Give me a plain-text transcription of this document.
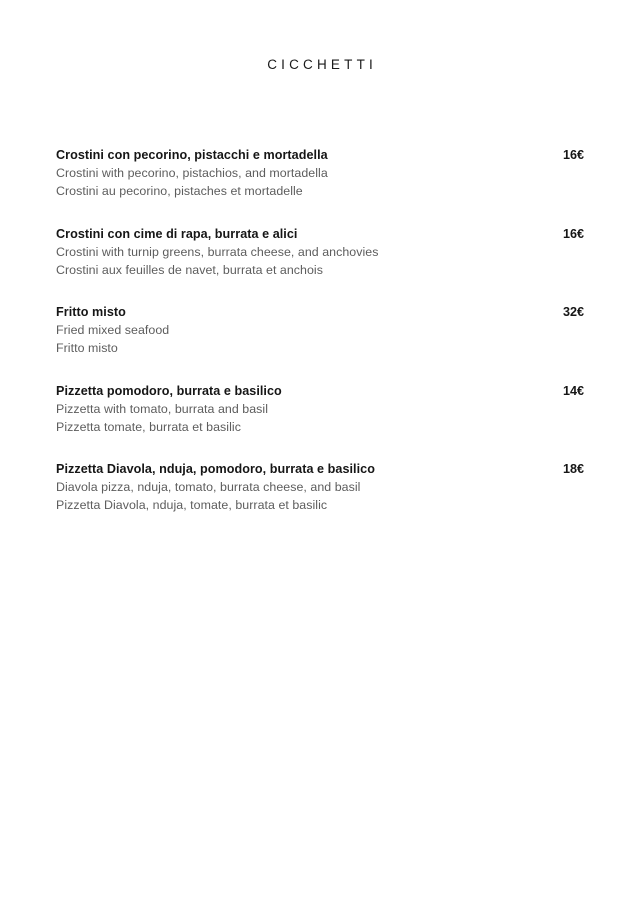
CICCHETTI
Crostini con pecorino, pistacchi e mortadella	16€
Crostini with pecorino, pistachios, and mortadella
Crostini au pecorino, pistaches et mortadelle
Crostini con cime di rapa, burrata e alici	16€
Crostini with turnip greens, burrata cheese, and anchovies
Crostini aux feuilles de navet, burrata et anchois
Fritto misto	32€
Fried mixed seafood
Fritto misto
Pizzetta pomodoro, burrata e basilico	14€
Pizzetta with tomato, burrata and basil
Pizzetta tomate, burrata et basilic
Pizzetta Diavola, nduja, pomodoro, burrata e basilico	18€
Diavola pizza, nduja, tomato, burrata cheese, and basil
Pizzetta Diavola, nduja, tomate, burrata et basilic
